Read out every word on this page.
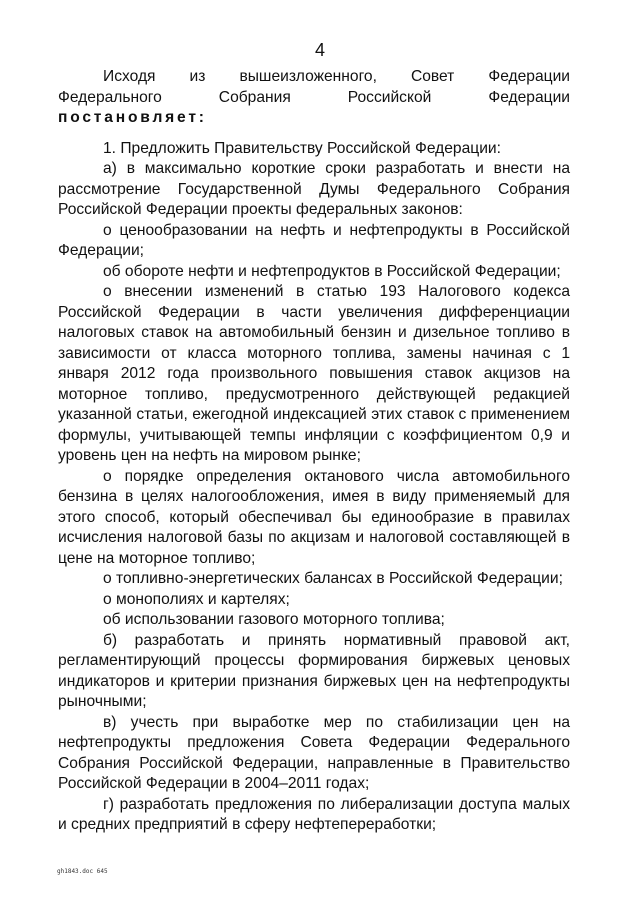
4

Исходя из вышеизложенного, Совет Федерации

Федерального Собрания Российской Федерации

постановляет:

1. Предложить Правительству Российской Федерации:

а) в максимально короткие сроки разработать и внести на рассмотрение Государственной Думы Федерального Собрания Российской Федерации проекты федеральных законов:

о ценообразовании на нефть и нефтепродукты в Российской Федерации;

об обороте нефти и нефтепродуктов в Российской Федерации;

о внесении изменений в статью 193 Налогового кодекса Российской Федерации в части увеличения дифференциации налоговых ставок на автомобильный бензин и дизельное топливо в зависимости от класса моторного топлива, замены начиная с 1 января 2012 года произвольного повышения ставок акцизов на моторное топливо, предусмотренного действующей редакцией указанной статьи, ежегодной индексацией этих ставок с применением формулы, учитывающей темпы инфляции с коэффициентом 0,9 и уровень цен на нефть на мировом рынке;

о порядке определения октанового числа автомобильного бензина в целях налогообложения, имея в виду применяемый для этого способ, который обеспечивал бы единообразие в правилах исчисления налоговой базы по акцизам и налоговой составляющей в цене на моторное топливо;

о топливно-энергетических балансах в Российской Федерации;

о монополиях и картелях;

об использовании газового моторного топлива;

б) разработать и принять нормативный правовой акт, регламентирующий процессы формирования биржевых ценовых индикаторов и критерии признания биржевых цен на нефтепродукты рыночными;

в) учесть при выработке мер по стабилизации цен на нефтепродукты предложения Совета Федерации Федерального Собрания Российской Федерации, направленные в Правительство Российской Федерации в 2004–2011 годах;

г) разработать предложения по либерализации доступа малых и средних предприятий в сферу нефтепереработки;

gh1843.doc 645
